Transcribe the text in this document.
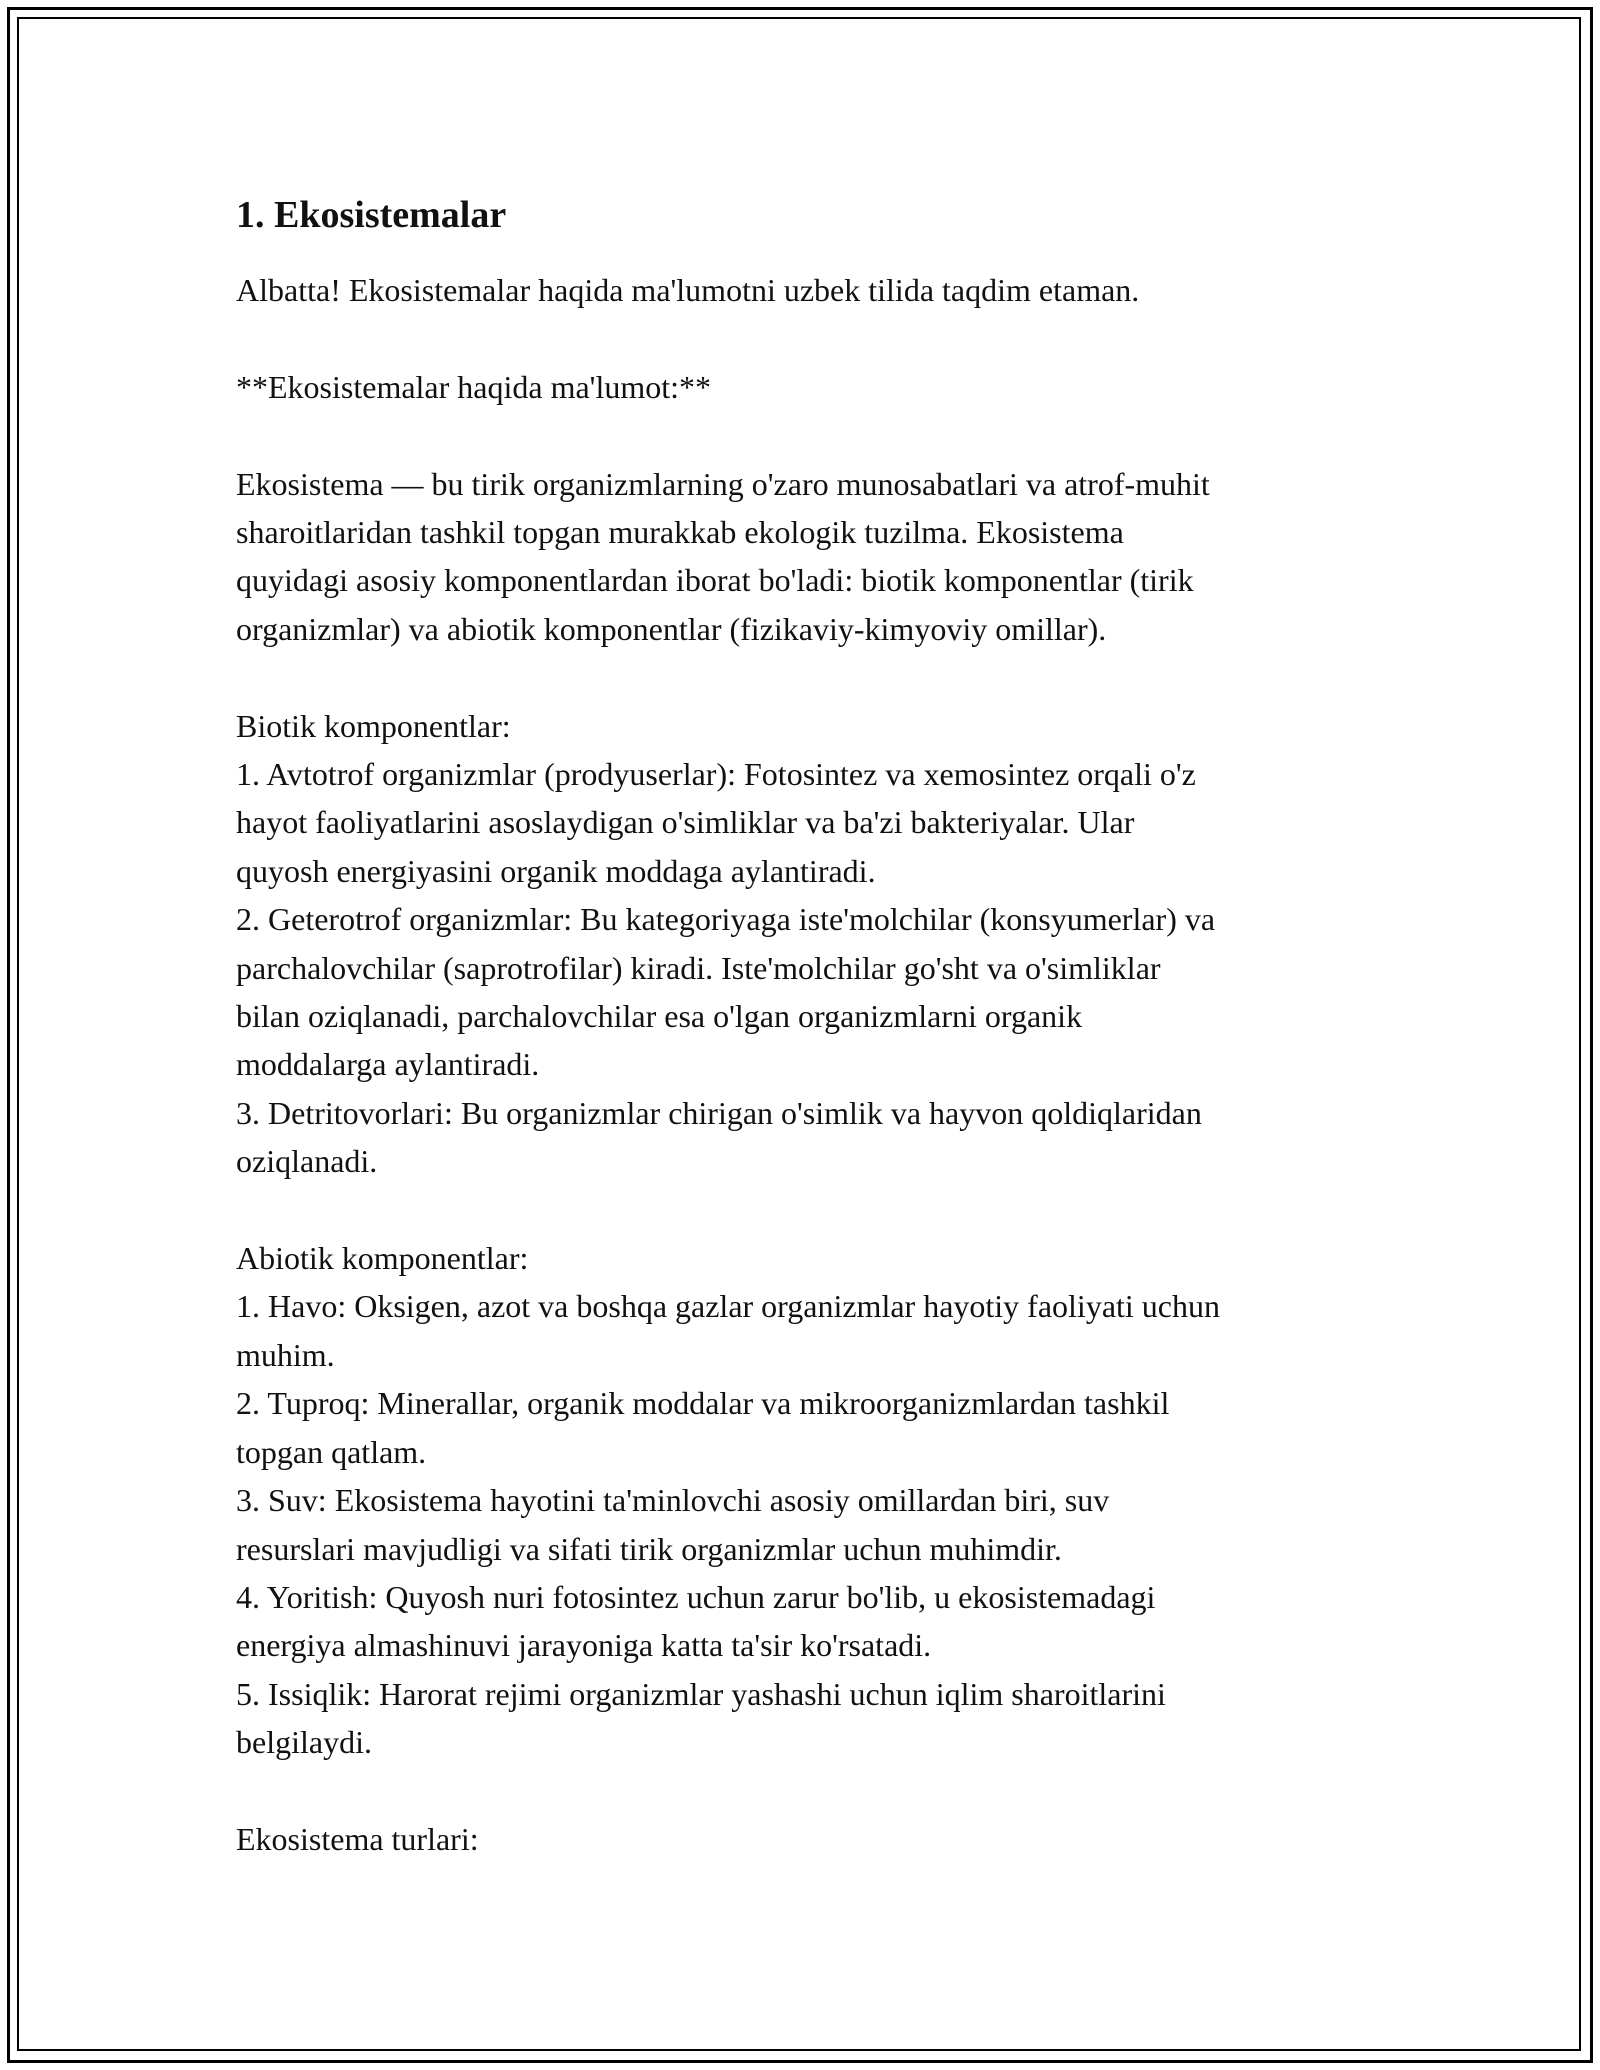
1. Ekosistemalar
Albatta! Ekosistemalar haqida ma'lumotni uzbek tilida taqdim etaman.
**Ekosistemalar haqida ma'lumot:**
Ekosistema — bu tirik organizmlarning o'zaro munosabatlari va atrof-muhit
sharoitlaridan tashkil topgan murakkab ekologik tuzilma. Ekosistema
quyidagi asosiy komponentlardan iborat bo'ladi: biotik komponentlar (tirik
organizmlar) va abiotik komponentlar (fizikaviy-kimyoviy omillar).
Biotik komponentlar:
1. Avtotrof organizmlar (prodyuserlar): Fotosintez va xemosintez orqali o'z
hayot faoliyatlarini asoslaydigan o'simliklar va ba'zi bakteriyalar. Ular
quyosh energiyasini organik moddaga aylantiradi.
2. Geterotrof organizmlar: Bu kategoriyaga iste'molchilar (konsyumerlar) va
parchalovchilar (saprotrofilar) kiradi. Iste'molchilar go'sht va o'simliklar
bilan oziqlanadi, parchalovchilar esa o'lgan organizmlarni organik
moddalarga aylantiradi.
3. Detritovorlari: Bu organizmlar chirigan o'simlik va hayvon qoldiqlaridan
oziqlanadi.
Abiotik komponentlar:
1. Havo: Oksigen, azot va boshqa gazlar organizmlar hayotiy faoliyati uchun
muhim.
2. Tuproq: Minerallar, organik moddalar va mikroorganizmlardan tashkil
topgan qatlam.
3. Suv: Ekosistema hayotini ta'minlovchi asosiy omillardan biri, suv
resurslari mavjudligi va sifati tirik organizmlar uchun muhimdir.
4. Yoritish: Quyosh nuri fotosintez uchun zarur bo'lib, u ekosistemadagi
energiya almashinuvi jarayoniga katta ta'sir ko'rsatadi.
5. Issiqlik: Harorat rejimi organizmlar yashashi uchun iqlim sharoitlarini
belgilaydi.
Ekosistema turlari:
